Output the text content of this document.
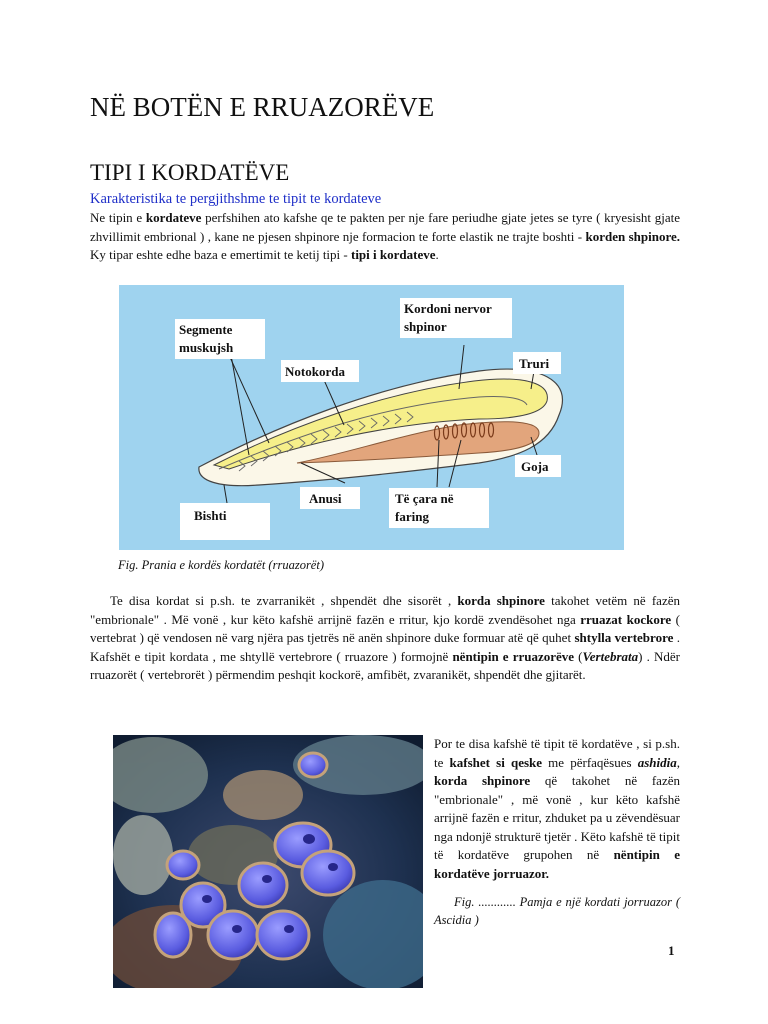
NË BOTËN E RRUAZORËVE
TIPI I KORDATËVE
Karakteristika te pergjithshme te tipit te kordateve
Ne tipin e kordateve perfshihen ato kafshe qe te pakten per nje fare periudhe gjate jetes se tyre ( kryesisht gjate zhvillimit embrional ) , kane ne pjesen shpinore nje formacion te forte elastik ne trajte boshti - korden shpinore. Ky tipar eshte edhe baza e emertimit te ketij tipi - tipi i kordateve.
Segmente
muskujsh
Kordoni nervor
shpinor
Notokorda
Truri
Goja
Anusi	Të çara në
faring
Bishti
Fig. Prania e kordës kordatët (rruazorët)
Te disa kordat si p.sh. te zvarranikët , shpendët dhe sisorët , korda shpinore takohet vetëm në fazën "embrionale" . Më vonë , kur këto kafshë arrijnë fazën e rritur, kjo kordë zvendësohet nga rruazat kockore ( vertebrat ) që vendosen në varg njëra pas tjetrës në anën shpinore duke formuar atë që quhet shtylla vertebrore . Kafshët e tipit kordata , me shtyllë vertebrore ( rruazore ) formojnë nëntipin e rruazorëve (Vertebrata) . Ndër rruazorët ( vertebrorët ) përmendim peshqit kockorë, amfibët, zvaranikët, shpendët dhe gjitarët.
Por te disa kafshë të tipit të kordatëve , si p.sh. te kafshet si qeske me përfaqësues ashidia, korda shpinore që takohet në fazën "embrionale" , më vonë , kur këto kafshë arrijnë fazën e rritur, zhduket pa u zëvendësuar nga ndonjë strukturë tjetër . Këto kafshë të tipit të kordatëve grupohen në nëntipin e kordatëve jorruazor.
Fig. ............ Pamja e një kordati jorruazor ( Ascidia )
1
